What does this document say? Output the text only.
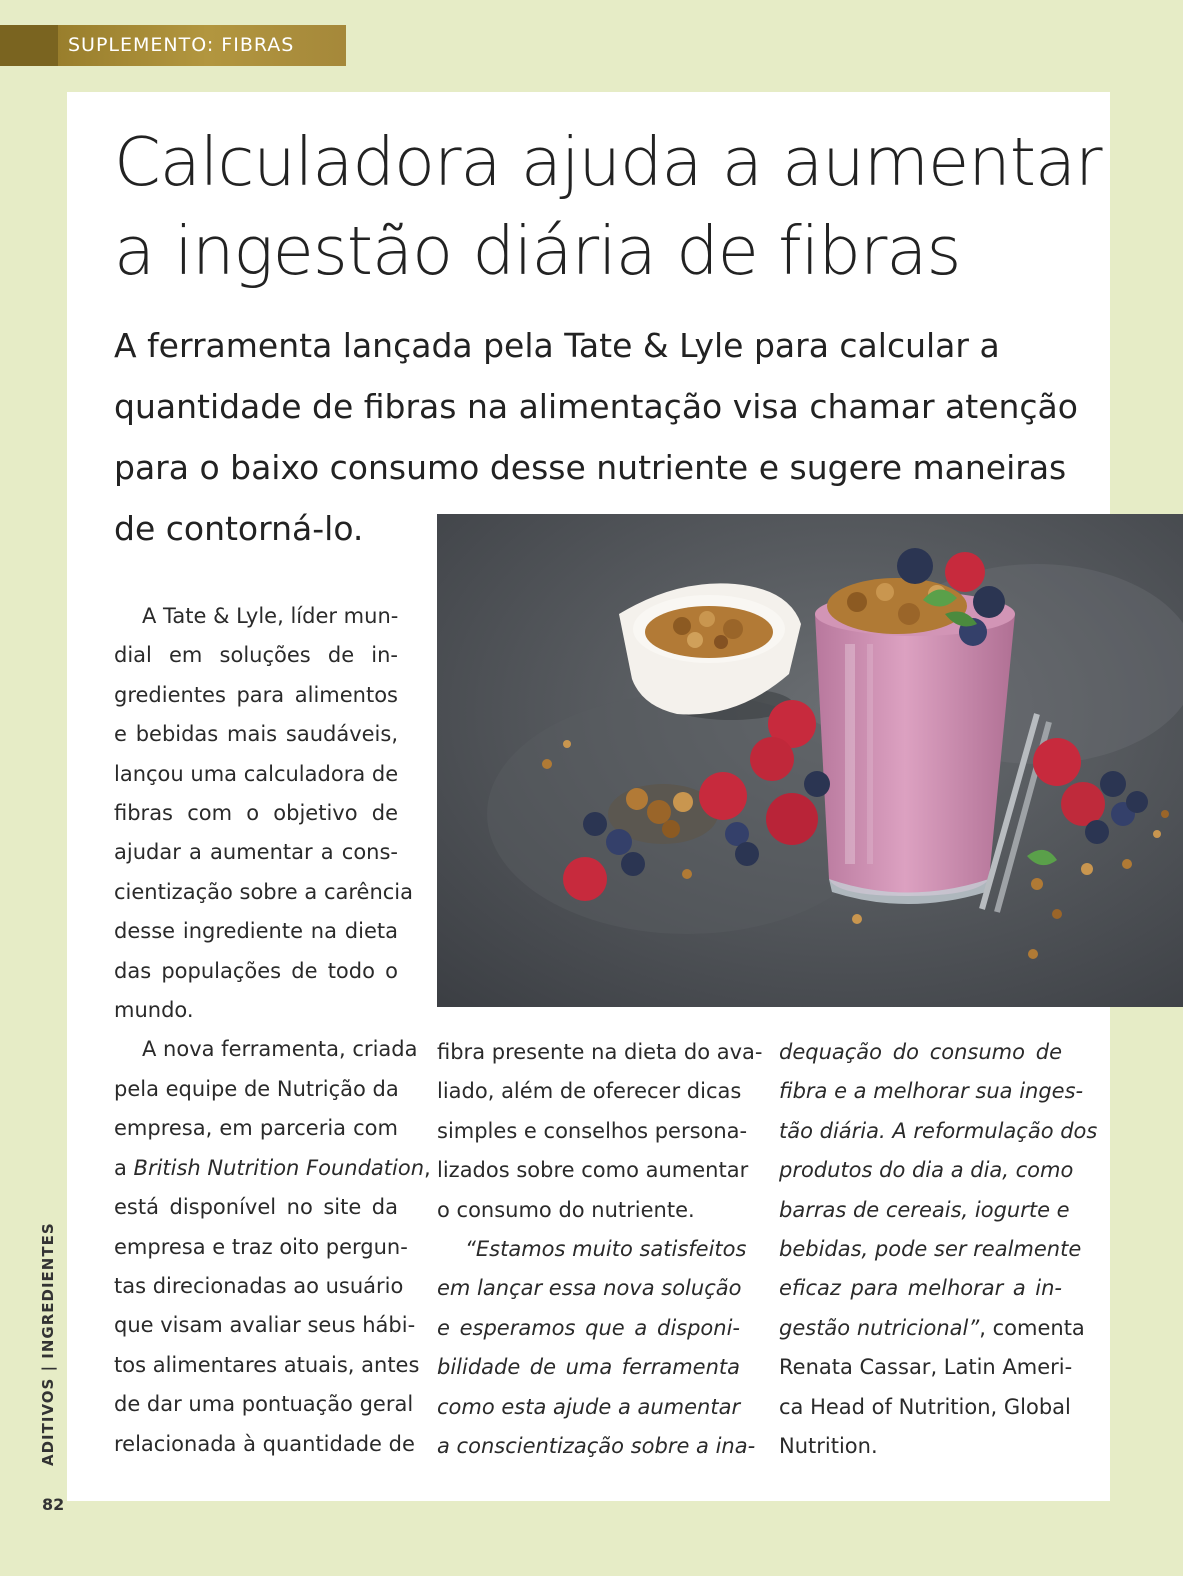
SUPLEMENTO: FIBRAS
Calculadora ajuda a aumentar
a ingestão diária de fibras

A ferramenta lançada pela Tate & Lyle para calcular a
quantidade de fibras na alimentação visa chamar atenção
para o baixo consumo desse nutriente e sugere maneiras
de contorná-lo.

A Tate & Lyle, líder mun-
dial em soluções de in-
gredientes para alimentos
e bebidas mais saudáveis,
lançou uma calculadora de
fibras com o objetivo de
ajudar a aumentar a cons-
cientização sobre a carência
desse ingrediente na dieta
das populações de todo o
mundo.
A nova ferramenta, criada
pela equipe de Nutrição da
empresa, em parceria com
a British Nutrition Foundation,
está disponível no site da
empresa e traz oito pergun-
tas direcionadas ao usuário
que visam avaliar seus hábi-
tos alimentares atuais, antes
de dar uma pontuação geral
relacionada à quantidade de
fibra presente na dieta do ava-
liado, além de oferecer dicas
simples e conselhos persona-
lizados sobre como aumentar
o consumo do nutriente.
“Estamos muito satisfeitos
em lançar essa nova solução
e esperamos que a disponi-
bilidade de uma ferramenta
como esta ajude a aumentar
a conscientização sobre a ina-
dequação do consumo de
fibra e a melhorar sua inges-
tão diária. A reformulação dos
produtos do dia a dia, como
barras de cereais, iogurte e
bebidas, pode ser realmente
eficaz para melhorar a in-
gestão nutricional”, comenta
Renata Cassar, Latin Ameri-
ca Head of Nutrition, Global
Nutrition.
ADITIVOS | INGREDIENTES
82
